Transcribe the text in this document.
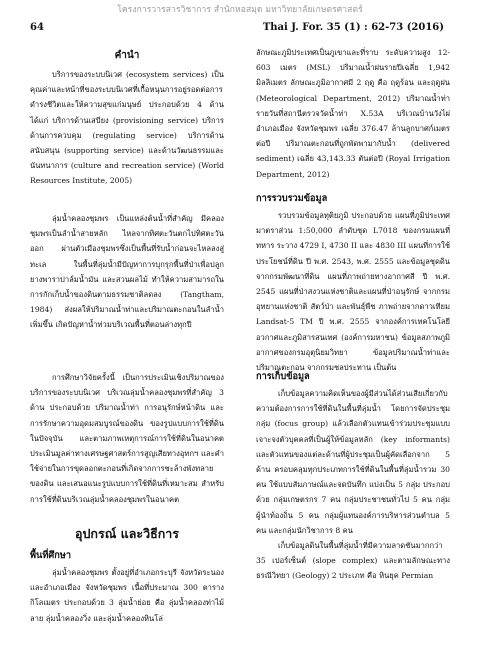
โครงการวารสารวิชาการ สำนักหอสมุด มหาวิทยาลัยเกษตรศาสตร์
64	Thai J. For. 35 (1) : 62-73 (2016)

คำนำ

บริการของระบบนิเวศ (ecosystem services) เป็นคุณค่าและหน้าที่ของระบบนิเวศที่เกื้อหนุนการอยู่รอดต่อการดำรงชีวิตและให้ความสุขแก่มนุษย์ ประกอบด้วย 4 ด้าน ได้แก่ บริการด้านเสบียง (provisioning service) บริการด้านการควบคุม (regulating service) บริการด้านสนับสนุน (supporting service) และด้านวัฒนธรรมและนันทนาการ (culture and recreation service) (World Resources Institute, 2005)

ลุ่มน้ำคลองชุมพร เป็นแหล่งต้นน้ำที่สำคัญ มีคลองชุมพรเป็นลำน้ำสายหลัก ไหลจากทิศตะวันตกไปทิศตะวันออก ผ่านตัวเมืองชุมพรซึ่งเป็นพื้นที่รับน้ำก่อนจะไหลลงสู่ทะเล ในพื้นที่ลุ่มน้ำมีปัญหาการบุกรุกพื้นที่ป่าเพื่อปลูกยางพาราปาล์มน้ำมัน และสวนผลไม้ ทำให้ความสามารถในการกักเก็บน้ำของดินตามธรรมชาติลดลง (Tangtham, 1984) ส่งผลให้ปริมาณน้ำท่าและปริมาณตะกอนในลำน้ำเพิ่มขึ้น เกิดปัญหาน้ำท่วมบริเวณพื้นที่ตอนล่างทุกปี

การศึกษาวิจัยครั้งนี้ เป็นการประเมินเชิงปริมาณของบริการของระบบนิเวศ บริเวณลุ่มน้ำคลองชุมพรที่สำคัญ 3 ด้าน ประกอบด้วย ปริมาณน้ำท่า การอนุรักษ์หน้าดิน และการรักษาความอุดมสมบูรณ์ของดิน ของรูปแบบการใช้ที่ดินในปัจจุบัน และตามภาพเหตุการณ์การใช้ที่ดินในอนาคต ประเมินมูลค่าทางเศรษฐศาสตร์การสูญเสียทางอุทกฯ และคำใช้จ่ายในการขุดลอกตะกอนที่เกิดจากการชะล้างพังทลายของดิน และเสนอแนะรูปแบบการใช้ที่ดินที่เหมาะสม สำหรับการใช้ที่ดินบริเวณลุ่มน้ำคลองชุมพรในอนาคต

อุปกรณ์ และวิธีการ

พื้นที่ศึกษา

ลุ่มน้ำคลองชุมพร ตั้งอยู่ที่อำเภอกระบุรี จังหวัดระนอง และอำเภอเมือง จังหวัดชุมพร เนื้อที่ประมาณ 300 ตารางกิโลเมตร ประกอบด้วย 3 ลุ่มน้ำย่อย คือ ลุ่มน้ำคลองท่าไม้ลาย ลุ่มน้ำคลองวิ่ง และลุ่มน้ำคลองหินโล่

ลักษณะภูมิประเทศเป็นภูเขาและที่ราบ ระดับความสูง 12-603 เมตร (MSL) ปริมาณน้ำฝนรายปีเฉลี่ย 1,942 มิลลิเมตร ลักษณะภูมิอากาศมี 2 ฤดู คือ ฤดูร้อน และฤดูฝน (Meteorological Department, 2012) ปริมาณน้ำท่ารายวันที่สถานีตรวจวัดน้ำท่า X.53A บริเวณบ้านวังไผ่ อำเภอเมือง จังหวัดชุมพร เฉลี่ย 376.47 ล้านลูกบาศก์เมตรต่อปี ปริมาณตะกอนที่ถูกพัดพามากับน้ำ (delivered sediment) เฉลี่ย 43,143.33 ตันต่อปี (Royal Irrigation Department, 2012)

การรวบรวมข้อมูล

รวบรวมข้อมูลทุติยภูมิ ประกอบด้วย แผนที่ภูมิประเทศมาตราส่วน 1:50,000 ลำดับชุด L7018 ของกรมแผนที่ทหาร ระวาง 4729 I, 4730 II และ 4830 III แผนที่การใช้ประโยชน์ที่ดิน ปี พ.ศ. 2543, พ.ศ. 2555 และข้อมูลชุดดิน จากกรมพัฒนาที่ดิน แผนที่ภาพถ่ายทางอากาศสี ปี พ.ศ. 2545 แผนที่ป่าสงวนแห่งชาติและแผนที่ป่าอนุรักษ์ จากกรมอุทยานแห่งชาติ สัตว์ป่า และพันธุ์พืช ภาพถ่ายจากดาวเทียม Landsat-5 TM ปี พ.ศ. 2555 จากองค์การเทคโนโลยีอวกาศและภูมิสารสนเทศ (องค์การมหาชน) ข้อมูลสภาพภูมิอากาศของกรมอุตุนิยมวิทยา ข้อมูลปริมาณน้ำท่าและปริมาณตะกอน จากกรมชลประทาน เป็นต้น

การเก็บข้อมูล

เก็บข้อมูลความคิดเห็นของผู้มีส่วนได้ส่วนเสียเกี่ยวกับความต้องการการใช้ที่ดินในพื้นที่ลุ่มน้ำ โดยการจัดประชุมกลุ่ม (focus group) แล้วเลือกตัวแทนเข้าร่วมประชุมแบบเจาะจงตัวบุคคลที่เป็นผู้ให้ข้อมูลหลัก (key informants) และตัวแทนของแต่ละด้านที่ผู้ประชุมเป็นผู้คัดเลือกจาก 5 ด้าน ครอบคลุมทุกประเภทการใช้ที่ดินในพื้นที่ลุ่มน้ำรวม 30 คน ใช้แบบสัมภาษณ์และจดบันทึก แบ่งเป็น 5 กลุ่ม ประกอบด้วย กลุ่มเกษตรกร 7 คน กลุ่มประชาชนทั่วไป 5 คน กลุ่มผู้นำท้องถิ่น 5 คน กลุ่มผู้แทนองค์การบริหารส่วนตำบล 5 คน และกลุ่มนักวิชาการ 8 คน

เก็บข้อมูลดินในพื้นที่ลุ่มน้ำที่มีความลาดชันมากกว่า 35 เปอร์เซ็นต์ (slope complex) และตามลักษณะทางธรณีวิทยา (Geology) 2 ประเภท คือ หินยุค Permian
